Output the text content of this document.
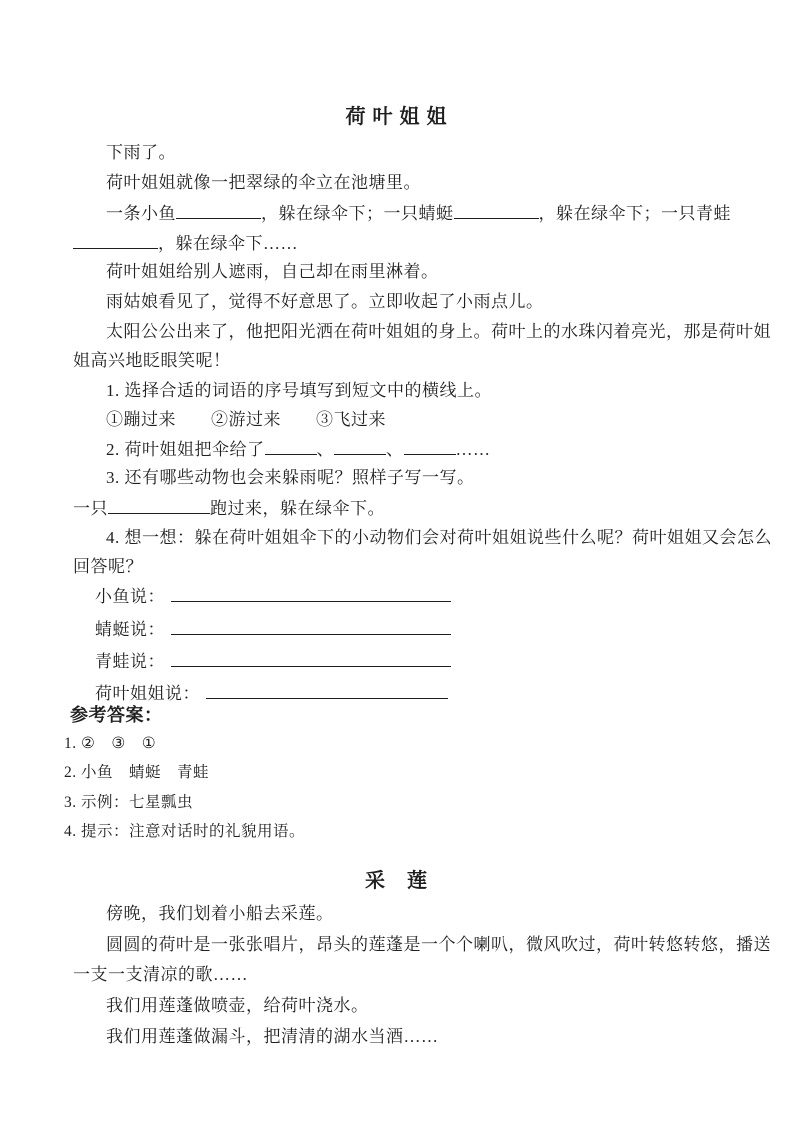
荷 叶 姐 姐
下雨了。
荷叶姐姐就像一把翠绿的伞立在池塘里。
一条小鱼	，躲在绿伞下；一只蜻蜓	，躲在绿伞下；一只青蛙
，躲在绿伞下……
荷叶姐姐给别人遮雨，自己却在雨里淋着。
雨姑娘看见了，觉得不好意思了。立即收起了小雨点儿。
太阳公公出来了，他把阳光洒在荷叶姐姐的身上。荷叶上的水珠闪着亮光，那是荷叶姐
姐高兴地眨眼笑呢！
1. 选择合适的词语的序号填写到短文中的横线上。
①蹦过来　　②游过来　　③飞过来
2. 荷叶姐姐把伞给了	、	、	……
3. 还有哪些动物也会来躲雨呢？照样子写一写。
一只	跑过来，躲在绿伞下。
4. 想一想：躲在荷叶姐姐伞下的小动物们会对荷叶姐姐说些什么呢？荷叶姐姐又会怎么
回答呢？
小鱼说：
蜻蜓说：
青蛙说：
荷叶姐姐说：
参考答案：
1. ②　③　①
2. 小鱼　蜻蜓　青蛙
3. 示例：七星瓢虫
4. 提示：注意对话时的礼貌用语。
采　莲
傍晚，我们划着小船去采莲。
圆圆的荷叶是一张张唱片，昂头的莲蓬是一个个喇叭，微风吹过，荷叶转悠转悠，播送
一支一支清凉的歌……
我们用莲蓬做喷壶，给荷叶浇水。
我们用莲蓬做漏斗，把清清的湖水当酒……
